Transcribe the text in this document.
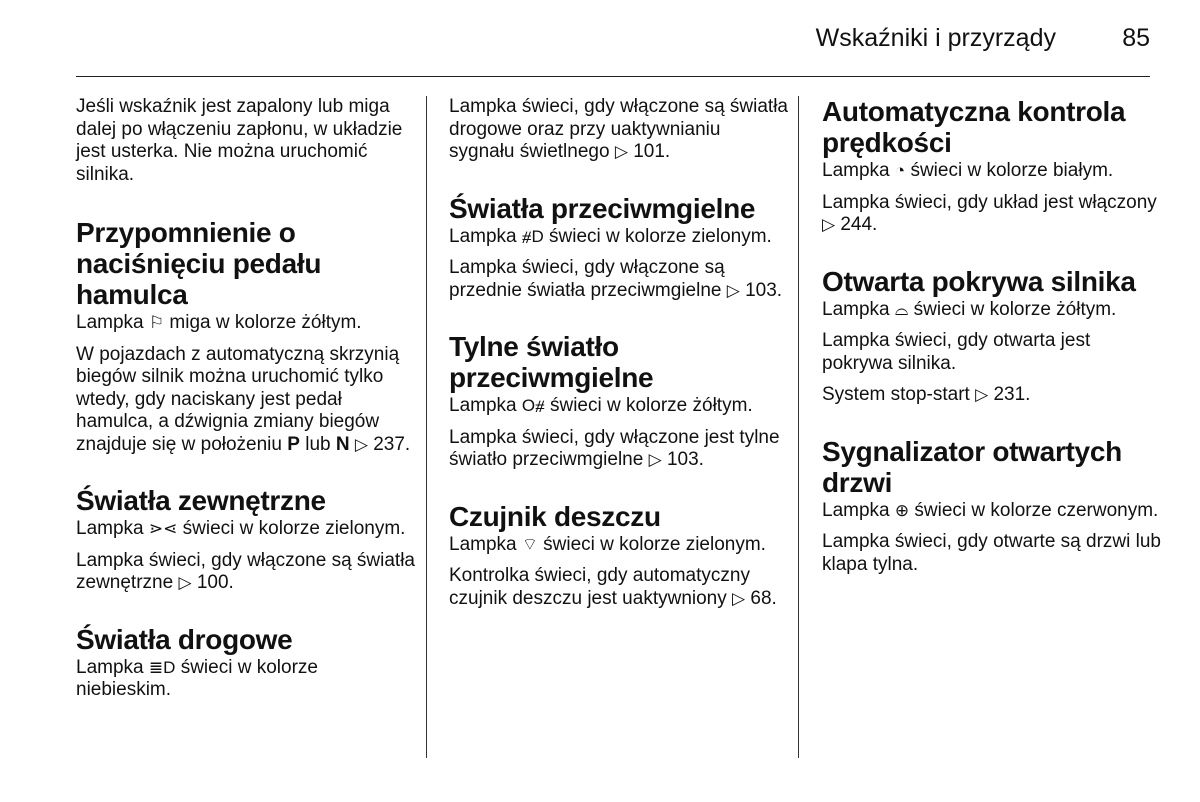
Wskaźniki i przyrządy	85

Jeśli wskaźnik jest zapalony lub miga dalej po włączeniu zapłonu, w układzie jest usterka. Nie można uruchomić silnika.

Przypomnienie o naciśnięciu pedału hamulca

Lampka ⚐ miga w kolorze żółtym.

W pojazdach z automatyczną skrzynią biegów silnik można uruchomić tylko wtedy, gdy naciskany jest pedał hamulca, a dźwignia zmiany biegów znajduje się w położeniu P lub N ▷ 237.

Światła zewnętrzne

Lampka ⋗⋖ świeci w kolorze zielonym.

Lampka świeci, gdy włączone są światła zewnętrzne ▷ 100.

Światła drogowe

Lampka ≣D świeci w kolorze niebieskim.

Lampka świeci, gdy włączone są światła drogowe oraz przy uaktywnianiu sygnału świetlnego ▷ 101.

Światła przeciwmgielne

Lampka ⧣D świeci w kolorze zielonym.

Lampka świeci, gdy włączone są przednie światła przeciwmgielne ▷ 103.

Tylne światło przeciwmgielne

Lampka O⧣ świeci w kolorze żółtym.

Lampka świeci, gdy włączone jest tylne światło przeciwmgielne ▷ 103.

Czujnik deszczu

Lampka ⌔ świeci w kolorze zielonym.

Kontrolka świeci, gdy automatyczny czujnik deszczu jest uaktywniony ▷ 68.

Automatyczna kontrola prędkości

Lampka ◔ świeci w kolorze białym.

Lampka świeci, gdy układ jest włączony ▷ 244.

Otwarta pokrywa silnika

Lampka ⌓ świeci w kolorze żółtym.

Lampka świeci, gdy otwarta jest pokrywa silnika.

System stop-start ▷ 231.

Sygnalizator otwartych drzwi

Lampka ⊕ świeci w kolorze czerwonym.

Lampka świeci, gdy otwarte są drzwi lub klapa tylna.
